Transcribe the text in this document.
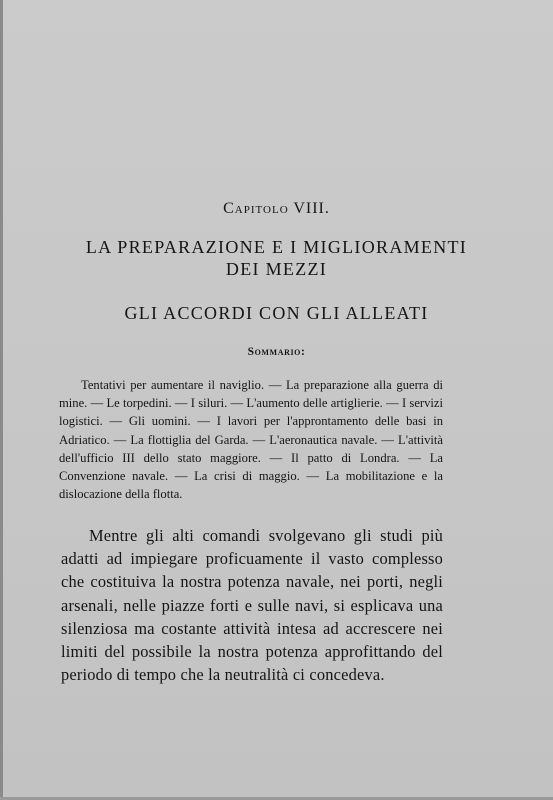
Capitolo VIII.
LA PREPARAZIONE E I MIGLIORAMENTI
DEI MEZZI
GLI ACCORDI CON GLI ALLEATI
Sommario:
Tentativi per aumentare il naviglio. — La preparazione alla guerra di mine. — Le torpedini. — I siluri. — L'aumento delle artiglierie. — I servizi logistici. — Gli uomini. — I lavori per l'approntamento delle basi in Adriatico. — La flottiglia del Garda. — L'aeronautica navale. — L'attività dell'ufficio III dello stato maggiore. — Il patto di Londra. — La Convenzione navale. — La crisi di maggio. — La mobilitazione e la dislocazione della flotta.
Mentre gli alti comandi svolgevano gli studi più adatti ad impiegare proficuamente il vasto complesso che costituiva la nostra potenza navale, nei porti, negli arsenali, nelle piazze forti e sulle navi, si esplicava una silenziosa ma costante attività intesa ad accrescere nei limiti del possibile la nostra potenza approfittando del periodo di tempo che la neutralità ci concedeva.
